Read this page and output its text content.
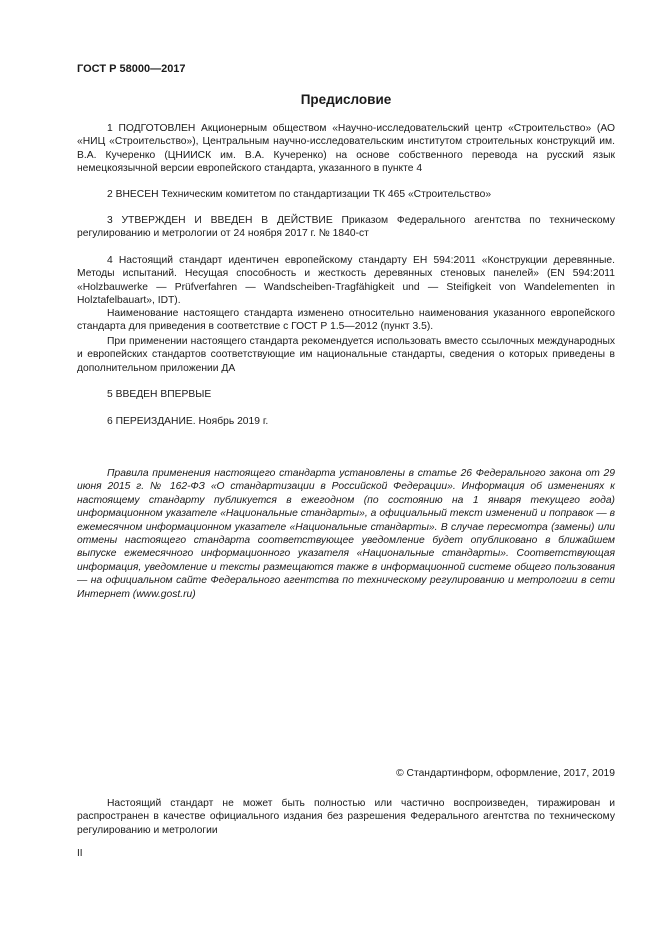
ГОСТ Р 58000—2017
Предисловие

1 ПОДГОТОВЛЕН Акционерным обществом «Научно-исследовательский центр «Строительство» (АО «НИЦ «Строительство»), Центральным научно-исследовательским институтом строительных конструкций им. В.А. Кучеренко (ЦНИИСК им. В.А. Кучеренко) на основе собственного перевода на русский язык немецкоязычной версии европейского стандарта, указанного в пункте 4

2 ВНЕСЕН Техническим комитетом по стандартизации ТК 465 «Строительство»

3 УТВЕРЖДЕН И ВВЕДЕН В ДЕЙСТВИЕ Приказом Федерального агентства по техническому регулированию и метрологии от 24 ноября 2017 г. № 1840-ст

4 Настоящий стандарт идентичен европейскому стандарту ЕН 594:2011 «Конструкции деревянные. Методы испытаний. Несущая способность и жесткость деревянных стеновых панелей» (EN 594:2011 «Holzbauwerke — Prüfverfahren — Wandscheiben-Tragfähigkeit und — Steifigkeit von Wandelementen in Holztafelbauart», IDT).

Наименование настоящего стандарта изменено относительно наименования указанного европейского стандарта для приведения в соответствие с ГОСТ Р 1.5—2012 (пункт 3.5).

При применении настоящего стандарта рекомендуется использовать вместо ссылочных международных и европейских стандартов соответствующие им национальные стандарты, сведения о которых приведены в дополнительном приложении ДА

5 ВВЕДЕН ВПЕРВЫЕ

6 ПЕРЕИЗДАНИЕ. Ноябрь 2019 г.

Правила применения настоящего стандарта установлены в статье 26 Федерального закона от 29 июня 2015 г. № 162-ФЗ «О стандартизации в Российской Федерации». Информация об изменениях к настоящему стандарту публикуется в ежегодном (по состоянию на 1 января текущего года) информационном указателе «Национальные стандарты», а официальный текст изменений и поправок — в ежемесячном информационном указателе «Национальные стандарты». В случае пересмотра (замены) или отмены настоящего стандарта соответствующее уведомление будет опубликовано в ближайшем выпуске ежемесячного информационного указателя «Национальные стандарты». Соответствующая информация, уведомление и тексты размещаются также в информационной системе общего пользования — на официальном сайте Федерального агентства по техническому регулированию и метрологии в сети Интернет (www.gost.ru)

© Стандартинформ, оформление, 2017, 2019

Настоящий стандарт не может быть полностью или частично воспроизведен, тиражирован и распространен в качестве официального издания без разрешения Федерального агентства по техническому регулированию и метрологии

II
